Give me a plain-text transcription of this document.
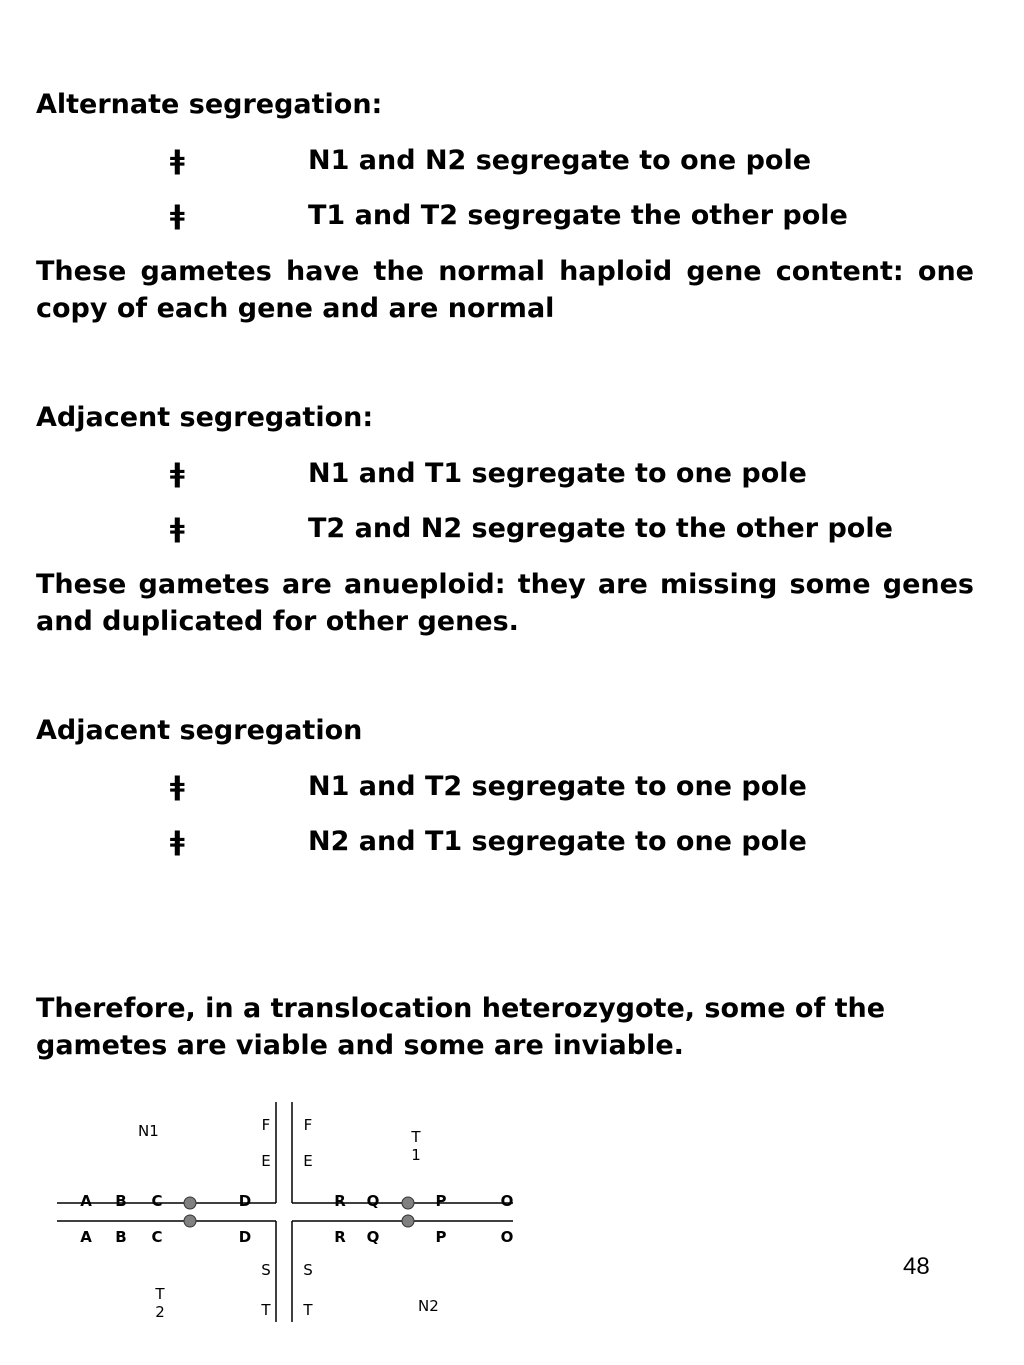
Alternate segregation:
ǂ	N1 and N2 segregate to one pole
ǂ	T1 and T2 segregate the other pole
These gametes have the normal haploid gene content: one copy of each gene and are normal
Adjacent segregation:
ǂ	N1 and T1 segregate to one pole
ǂ	T2 and N2 segregate to the other pole
These gametes are anueploid: they are missing some genes and duplicated for other genes.
Adjacent segregation
ǂ	N1 and T2 segregate to one pole
ǂ	N2 and T1 segregate to one pole
Therefore, in a translocation heterozygote, some of the gametes are viable and some are inviable.
N1
N2
T 1
T 2
A B C	D
A B C	D
R Q	P	O
R Q	P	O
F
E
F
E
S
T
S
T
48
